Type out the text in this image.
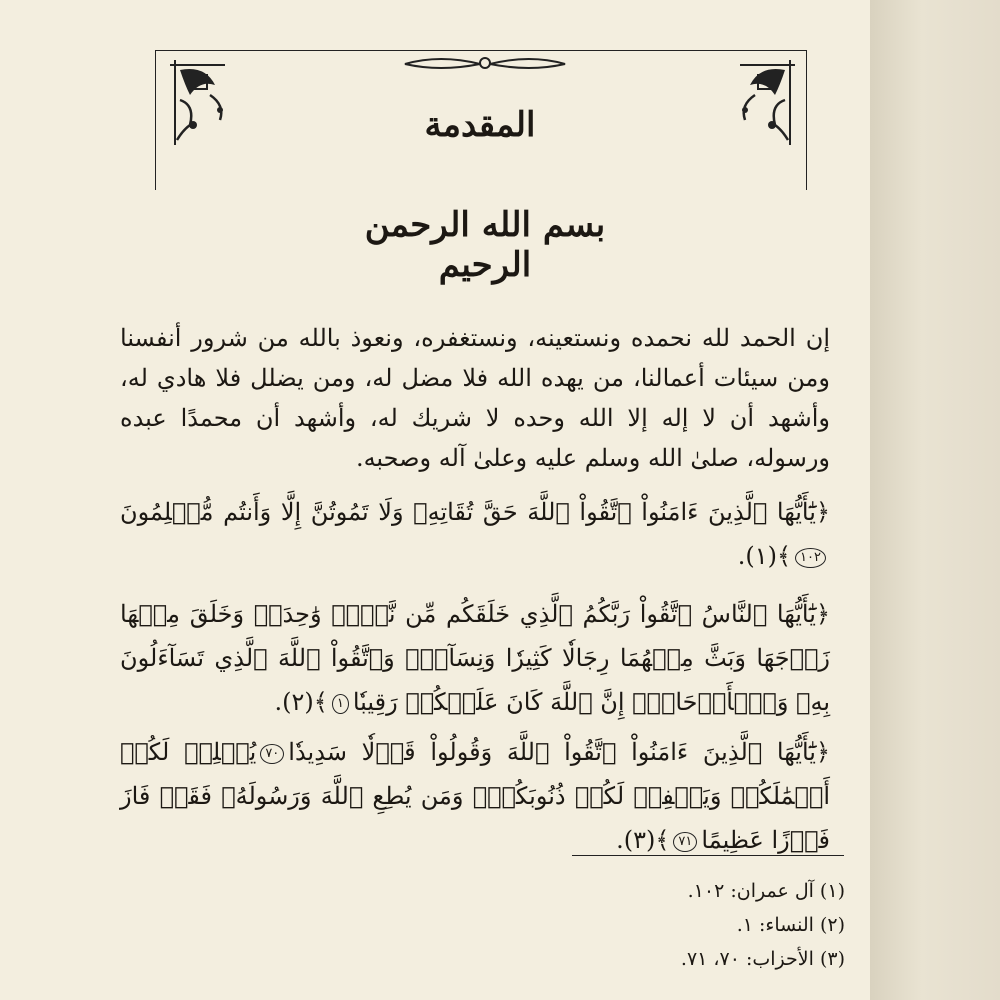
المقدمة
بسم الله الرحمن الرحيم
إن الحمد لله نحمده ونستعينه، ونستغفره، ونعوذ بالله من شرور أنفسنا ومن سيئات أعمالنا، من يهده الله فلا مضل له، ومن يضلل فلا هادي له، وأشهد أن لا إله إلا الله وحده لا شريك له، وأشهد أن محمدًا عبده ورسوله، صلىٰ الله وسلم عليه وعلىٰ آله وصحبه.
﴿يَٰٓأَيُّهَا ٱلَّذِينَ ءَامَنُواْ ٱتَّقُواْ ٱللَّهَ حَقَّ تُقَاتِهِۦ وَلَا تَمُوتُنَّ إِلَّا وَأَنتُم مُّسۡلِمُونَ١٠٢﴾(١).
﴿يَٰٓأَيُّهَا ٱلنَّاسُ ٱتَّقُواْ رَبَّكُمُ ٱلَّذِي خَلَقَكُم مِّن نَّفۡسٖ وَٰحِدَةٖ وَخَلَقَ مِنۡهَا زَوۡجَهَا وَبَثَّ مِنۡهُمَا رِجَالٗا كَثِيرٗا وَنِسَآءٗۚ وَٱتَّقُواْ ٱللَّهَ ٱلَّذِي تَسَآءَلُونَ بِهِۦ وَٱلۡأَرۡحَامَۚ إِنَّ ٱللَّهَ كَانَ عَلَيۡكُمۡ رَقِيبٗا١﴾(٢).
﴿يَٰٓأَيُّهَا ٱلَّذِينَ ءَامَنُواْ ٱتَّقُواْ ٱللَّهَ وَقُولُواْ قَوۡلٗا سَدِيدٗا٧٠يُصۡلِحۡ لَكُمۡ أَعۡمَٰلَكُمۡ وَيَغۡفِرۡ لَكُمۡ ذُنُوبَكُمۡۗ وَمَن يُطِعِ ٱللَّهَ وَرَسُولَهُۥ فَقَدۡ فَازَ فَوۡزًا عَظِيمًا٧١﴾(٣).
(١) آل عمران: ١٠٢.
(٢) النساء: ١.
(٣) الأحزاب: ٧٠، ٧١.
